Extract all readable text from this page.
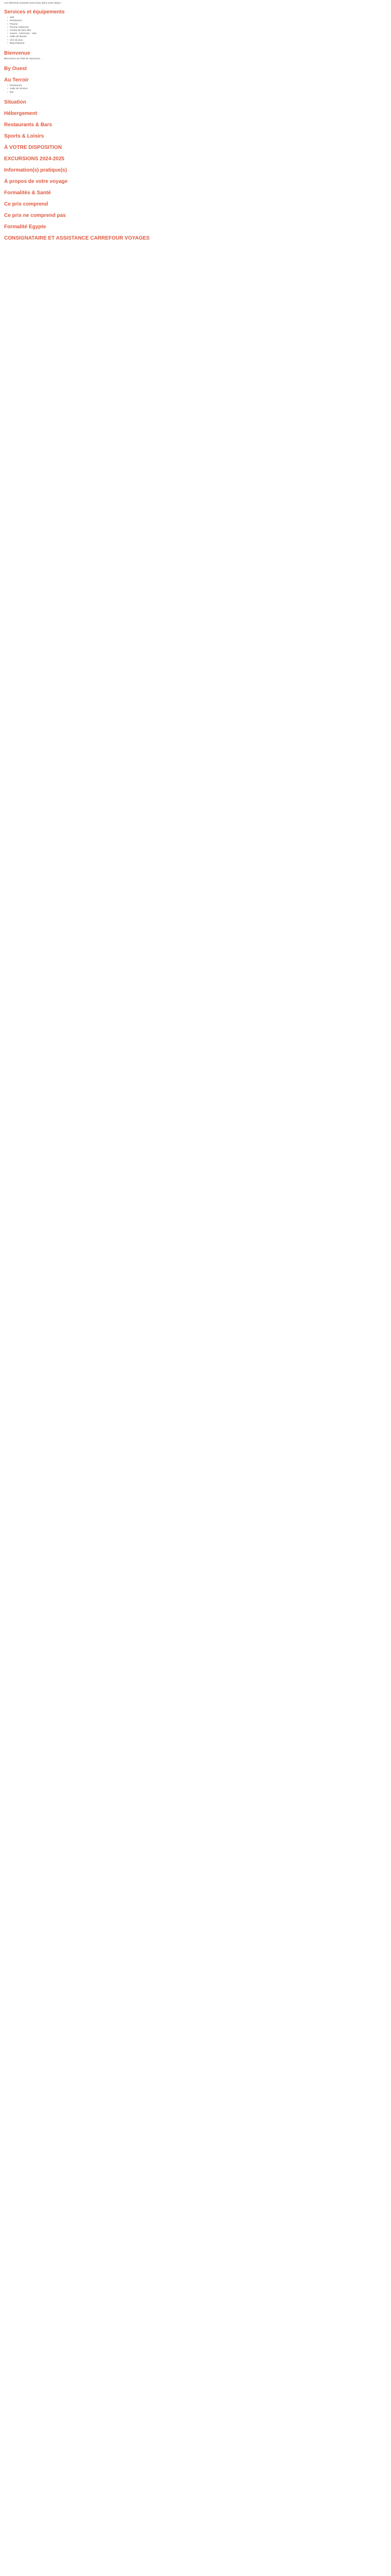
Les éléments suivants sont inclus dans votre séjour :
Services et équipements
• Wifi
• Restaurant
• Piscine
• Piscine intérieure
• Centre de bien-être
• Sauna - Hammam - Spa
• Salle de fitness
• Aire de jeux
• Blanchisserie
Bienvenue
Bienvenue au Club de Vacances ...
By Ouest
Au Terroir
• Restaurant
• Salle de réunion
• Bar
Situation
Hébergement
Restaurants & Bars
Sports & Loisirs
À VOTRE DISPOSITION
EXCURSIONS 2024-2025
Information(s) pratique(s)
À propos de votre voyage
Formalités & Santé
Ce prix comprend
Ce prix ne comprend pas
Formalité Egypte
CONSIGNATAIRE ET ASSISTANCE CARREFOUR VOYAGES
